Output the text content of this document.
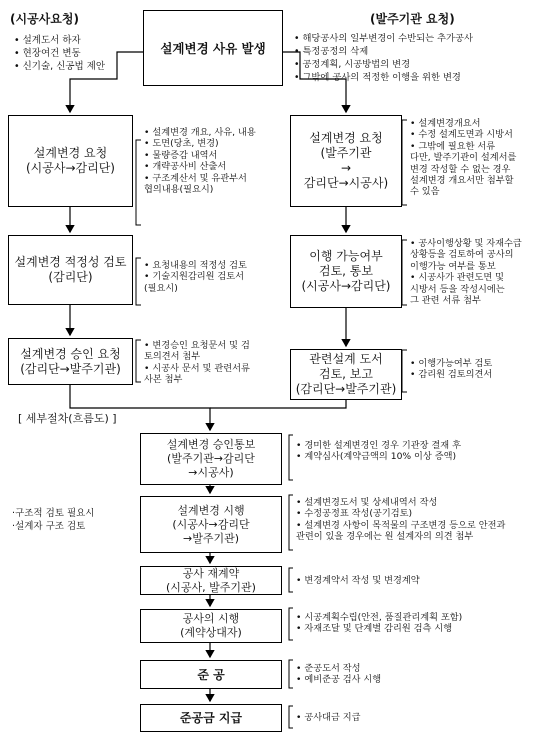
(시공사요청)
• 설계도서 하자
• 현장여건 변동
• 신기술, 신공법 제안
설계변경 사유 발생
(발주기관 요청)
• 해당공사의 일부변경이 수반되는 추가공사
• 특정공정의 삭제
• 공정계획, 시공방법의 변경
• 그밖에 공사의 적정한 이행을 위한 변경
설계변경 요청
(시공사→감리단)
• 설계변경 개요, 사유, 내용
• 도면(당초, 변경)
• 물량증감 내역서
• 개략공사비 산출서
• 구조계산서 및 유관부서
협의내용(필요시)
설계변경 적정성 검토
(감리단)
• 요청내용의 적정성 검토
• 기술지원감리원 검토서
(필요시)
설계변경 승인 요청
(감리단→발주기관)
• 변경승인 요청문서 및 검
토의견서 첨부
• 시공사 문서 및 관련서류
사본 첨부
설계변경 요청
(발주기관
→
감리단→시공사)
• 설계변경개요서
• 수정 설계도면과 시방서
• 그밖에 필요한 서류
다만, 발주기관이 설계서를
변경 작성할 수 없는 경우
설계변경 개요서만 첨부할
수 있음
이행 가능여부
검토, 통보
(시공사→감리단)
• 공사이행상황 및 자재수급
상황등을 검토하여 공사의
이행가능 여부를 통보
• 시공사가 관련도면 및
시방서 등을 작성시에는
그 관련 서류 첨부
관련설계 도서
검토, 보고
(감리단→발주기관)
• 이행가능여부 검토
• 감리원 검토의견서
[ 세부절차(흐름도) ]
·구조적 검토 필요시
·설계자 구조 검토
설계변경 승인통보
(발주기관→감리단
→시공사)
• 경미한 설계변경인 경우 기관장 결재 후
• 계약심사(계약금액의 10% 이상 증액)
설계변경 시행
(시공사→감리단
→발주기관)
• 설계변경도서 및 상세내역서 작성
• 수정공정표 작성(공기검토)
• 설계변경 사항이 목적물의 구조변경 등으로 안전과
관련이 있을 경우에는 원 설계자의 의견 첨부
공사 재계약
(시공사, 발주기관)	• 변경계약서 작성 및 변경계약
공사의 시행
(계약상대자)
• 시공계획수립(안전, 품질관리계획 포함)
• 자재조달 및 단계별 감리원 검측 시행
준 공	• 준공도서 작성
• 예비준공 검사 시행
준공금 지급	• 공사대금 지급
